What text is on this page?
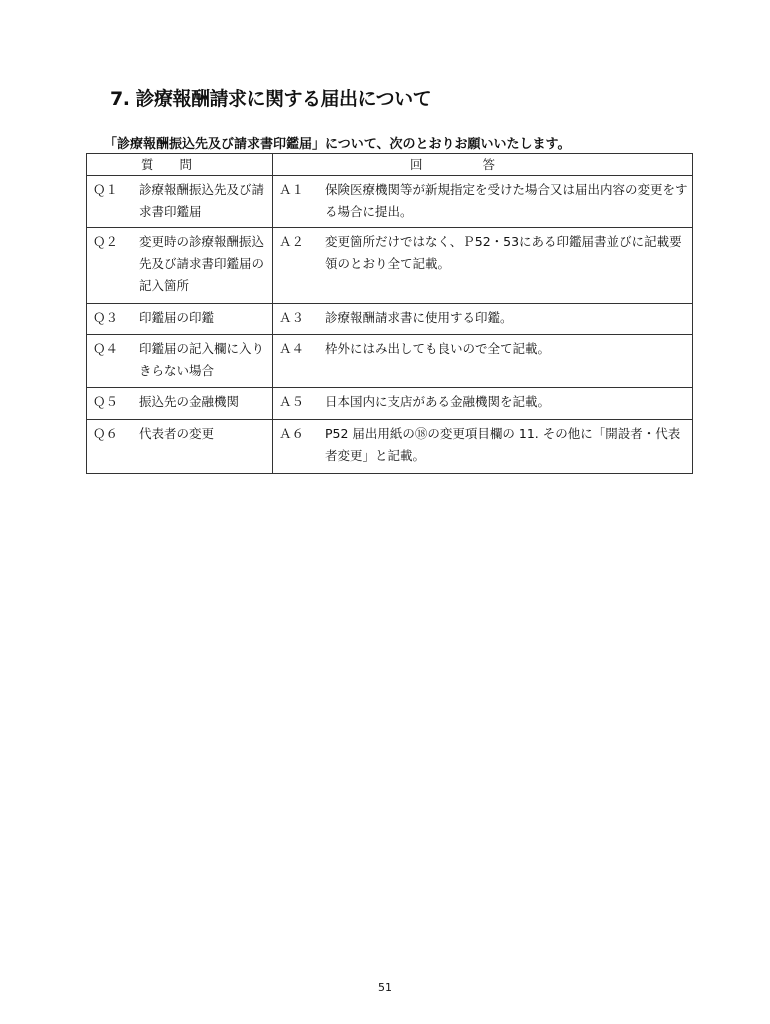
7. 診療報酬請求に関する届出について
「診療報酬振込先及び請求書印鑑届」について、次のとおりお願いいたします。
質問	回答

Ｑ１ 診療報酬振込先及び請求書印鑑届	Ａ１ 保険医療機関等が新規指定を受けた場合又は届出内容の変更をする場合に提出。

Ｑ２ 変更時の診療報酬振込先及び請求書印鑑届の記入箇所	Ａ２ 変更箇所だけではなく、Ｐ52・53にある印鑑届書並びに記載要領のとおり全て記載。

Ｑ３ 印鑑届の印鑑	Ａ３ 診療報酬請求書に使用する印鑑。

Ｑ４ 印鑑届の記入欄に入りきらない場合	Ａ４ 枠外にはみ出しても良いので全て記載。

Ｑ５ 振込先の金融機関	Ａ５ 日本国内に支店がある金融機関を記載。

Ｑ６ 代表者の変更	Ａ６ P52 届出用紙の⑱の変更項目欄の 11. その他に「開設者・代表者変更」と記載。
51
